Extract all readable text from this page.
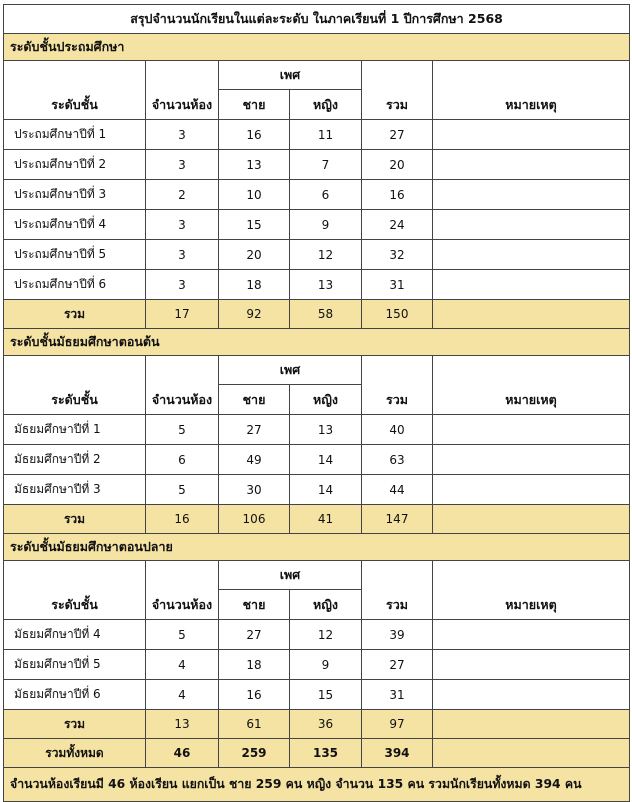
สรุปจำนวนนักเรียนในแต่ละระดับ ในภาคเรียนที่ 1 ปีการศึกษา 2568					
ระดับชั้นประถมศึกษา					
ระดับชั้น	จำนวนห้อง	เพศ		รวม	หมายเหตุ
		ชาย	หญิง		
ประถมศึกษาปีที่ 1	3	16	11	27	
ประถมศึกษาปีที่ 2	3	13	7	20	
ประถมศึกษาปีที่ 3	2	10	6	16	
ประถมศึกษาปีที่ 4	3	15	9	24	
ประถมศึกษาปีที่ 5	3	20	12	32	
ประถมศึกษาปีที่ 6	3	18	13	31	
รวม	17	92	58	150	
ระดับชั้นมัธยมศึกษาตอนต้น					
ระดับชั้น	จำนวนห้อง	เพศ		รวม	หมายเหตุ
		ชาย	หญิง		
มัธยมศึกษาปีที่ 1	5	27	13	40	
มัธยมศึกษาปีที่ 2	6	49	14	63	
มัธยมศึกษาปีที่ 3	5	30	14	44	
รวม	16	106	41	147	
ระดับชั้นมัธยมศึกษาตอนปลาย					
ระดับชั้น	จำนวนห้อง	เพศ		รวม	หมายเหตุ
		ชาย	หญิง		
มัธยมศึกษาปีที่ 4	5	27	12	39	
มัธยมศึกษาปีที่ 5	4	18	9	27	
มัธยมศึกษาปีที่ 6	4	16	15	31	
รวม	13	61	36	97	
รวมทั้งหมด	46	259	135	394	
จำนวนห้องเรียนมี 46 ห้องเรียน แยกเป็น ชาย 259 คน หญิง จำนวน 135 คน รวมนักเรียนทั้งหมด 394 คน					
